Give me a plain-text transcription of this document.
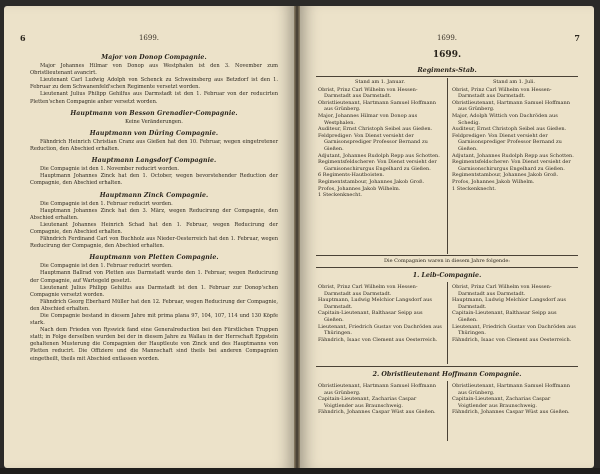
6	1699.
Major von Donop Compagnie.

Major Johannes Hilmar von Donop aus Westphalen ist den 3. November zum Obristlieutenant avancirt.

Lieutenant Carl Ludwig Adolph von Schenck zu Schweinsberg aus Betzdorf ist den 1. Februar zu dem Schwanenfeld'schen Regimente versetzt worden.

Lieutenant Julius Philipp Gehilfus aus Darmstadt ist den 1. Februar von der reducirten Pletten'schen Compagnie anher versetzt worden.

Hauptmann von Besson Grenadier-Compagnie.

Keine Veränderungen.

Hauptmann von Düring Compagnie.

Fähndrich Heinrich Christian Cranz aus Gießen hat den 10. Februar, wegen eingetretener Reduction, den Abschied erhalten.

Hauptmann Langsdorf Compagnie.

Die Compagnie ist den 1. November reducirt worden.

Hauptmann Johannes Zinck hat den 1. October, wegen bevorstehender Reduction der Compagnie, den Abschied erhalten.

Hauptmann Zinck Compagnie.

Die Compagnie ist den 1. Februar reducirt worden.

Hauptmann Johannes Zinck hat den 3. März, wegen Reducirung der Compagnie, den Abschied erhalten.

Lieutenant Johannes Heinrich Schad hat den 1. Februar, wegen Reducirung der Compagnie, den Abschied erhalten.

Fähndrich Ferdinand Carl von Buchholz aus Nieder-Oesterreich hat den 1. Februar, wegen Reducirung der Compagnie, den Abschied erhalten.

Hauptmann von Pletten Compagnie.

Die Compagnie ist den 1. Februar reducirt worden.

Hauptmann Ballrad von Pletten aus Darmstadt wurde den 1. Februar, wegen Reducirung der Compagnie, auf Wartegeld gesetzt.

Lieutenant Julius Philipp Gehilfus aus Darmstadt ist den 1. Februar zur Donop'schen Compagnie versetzt worden.

Fähndrich Georg Eberhard Müller hat den 12. Februar, wegen Reducirung der Compagnie, den Abschied erhalten.

Die Compagnie bestand in diesem Jahre mit prima plana 97, 104, 107, 114 und 130 Köpfe stark.

Nach dem Frieden von Ryswick fand eine Generalreduction bei den Fürstlichen Truppen statt; in Folge derselben wurden bei der in diesem Jahre zu Wallau in der Herrschaft Eppstein gehaltenen Musterung die Compagnien der Hauptleute von Zinck und des Hauptmanns von Pletten reducirt. Die Offiziere und die Mannschaft sind theils bei anderen Compagnien eingetheilt, theils mit Abschied entlassen worden.

1699.	7
1699.
Regiments-Stab.

Stand am 1. Januar.

Obrist, Prinz Carl Wilhelm von Hessen-Darmstadt aus Darmstadt.

Obristlieutenant, Hartmann Samuel Hoffmann aus Grünberg.

Major, Johannes Hilmar von Donop aus Westphalen.

Auditeur, Ernst Christoph Seibel aus Gießen.

Feldprediger: Von Dienst versieht der Garnisonsprediger Professor Bernand zu Gießen.

Adjutant, Johannes Rudolph Repp aus Schotten.

Regimentsfeldscherer: Von Dienst versieht der Garnisonschirurgus Engelhard zu Gießen.

6 Regiments-Hautboisten.

Regimentstambour, Johannes Jakob Groß.

Profos, Johannes Jakob Wilhelm.

1 Steckenknecht.

Stand am 1. Juli.

Obrist, Prinz Carl Wilhelm von Hessen-Darmstadt aus Darmstadt.

Obristlieutenant, Hartmann Samuel Hoffmann aus Grünberg.

Major, Adolph Wittich von Dachröden aus Schedig.

Auditeur, Ernst Christoph Seibel aus Gießen.

Feldprediger: Von Dienst versieht der Garnisonsprediger Professor Bernand zu Gießen.

Adjutant, Johannes Rudolph Repp aus Schotten.

Regimentsfeldscherer: Von Dienst versieht der Garnisonschirurgus Engelhard zu Gießen.

Regimentstambour, Johannes Jakob Groß.

Profos, Johannes Jakob Wilhelm.

1 Steckenknecht.

Die Compagnien waren in diesem Jahre folgende:
1. Leib-Compagnie.

Obrist, Prinz Carl Wilhelm von Hessen-Darmstadt aus Darmstadt.

Hauptmann, Ludwig Melchior Langsdorf aus Darmstadt.

Capitain-Lieutenant, Balthasar Seipp aus Gießen.

Lieutenant, Friedrich Gustav von Dachröden aus Thüringen.

Fähndrich, Isaac von Clement aus Oesterreich.

Obrist, Prinz Carl Wilhelm von Hessen-Darmstadt aus Darmstadt.

Hauptmann, Ludwig Melchior Langsdorf aus Darmstadt.

Capitain-Lieutenant, Balthasar Seipp aus Gießen.

Lieutenant, Friedrich Gustav von Dachröden aus Thüringen.

Fähndrich, Isaac von Clement aus Oesterreich.

2. Obristlieutenant Hoffmann Compagnie.

Obristlieutenant, Hartmann Samuel Hoffmann aus Grünberg.

Capitain-Lieutenant, Zacharias Caspar Voigtlender aus Braunschweig.

Fähndrich, Johannes Caspar Wüst aus Gießen.

Obristlieutenant, Hartmann Samuel Hoffmann aus Grünberg.

Capitain-Lieutenant, Zacharias Caspar Voigtlender aus Braunschweig.

Fähndrich, Johannes Caspar Wüst aus Gießen.
